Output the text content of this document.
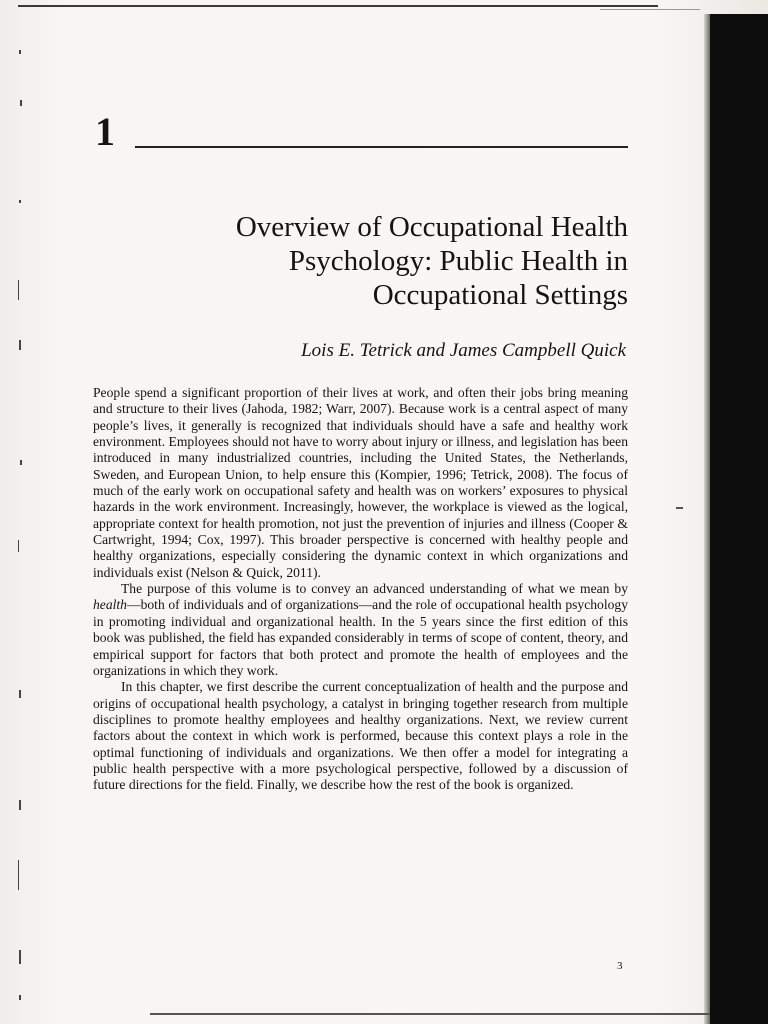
1
Overview of Occupational Health
Psychology: Public Health in
Occupational Settings
Lois E. Tetrick and James Campbell Quick

People spend a significant proportion of their lives at work, and often their jobs bring meaning and structure to their lives (Jahoda, 1982; Warr, 2007). Because work is a central aspect of many people’s lives, it generally is recognized that individuals should have a safe and healthy work environment. Employees should not have to worry about injury or illness, and legislation has been introduced in many industrialized countries, including the United States, the Netherlands, Sweden, and European Union, to help ensure this (Kompier, 1996; Tetrick, 2008). The focus of much of the early work on occupational safety and health was on workers’ exposures to physical hazards in the work environment. Increasingly, however, the workplace is viewed as the logical, appropriate context for health promotion, not just the prevention of injuries and illness (Cooper & Cartwright, 1994; Cox, 1997). This broader perspective is concerned with healthy people and healthy organizations, especially considering the dynamic context in which organizations and individuals exist (Nelson & Quick, 2011).

The purpose of this volume is to convey an advanced understanding of what we mean by health—both of individuals and of organizations—and the role of occupational health psychology in promoting individual and organizational health. In the 5 years since the first edition of this book was published, the field has expanded considerably in terms of scope of content, theory, and empirical support for factors that both protect and promote the health of employees and the organizations in which they work.

In this chapter, we first describe the current conceptualization of health and the purpose and origins of occupational health psychology, a catalyst in bringing together research from multiple disciplines to promote healthy employees and healthy organizations. Next, we review current factors about the context in which work is performed, because this context plays a role in the optimal functioning of individuals and organizations. We then offer a model for integrating a public health perspective with a more psychological perspective, followed by a discussion of future directions for the field. Finally, we describe how the rest of the book is organized.

3
